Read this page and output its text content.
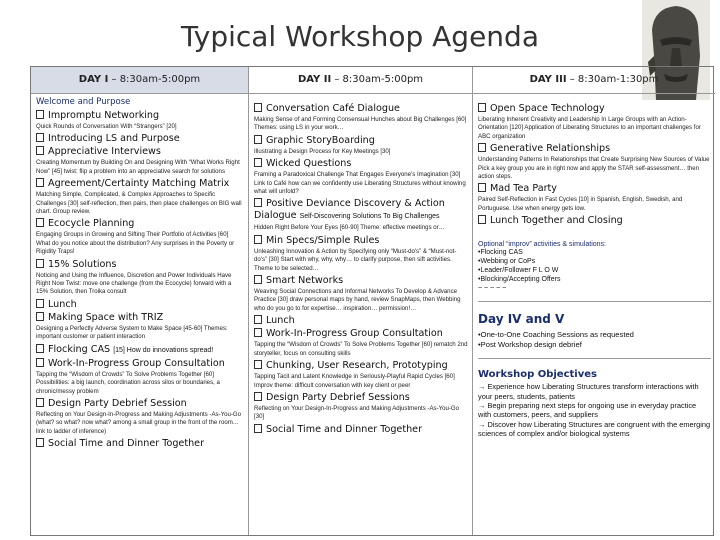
Typical Workshop Agenda
DAY I – 8:30am-5:00pm
Welcome and Purpose
Impromptu Networking
Quick Rounds of Conversation With “Strangers” [20]
Introducing LS and Purpose
Appreciative Interviews
Creating Momentum by Building On and Designing With “What Works Right Now” [45] twist: flip a problem into an appreciative search for solutions
Agreement/Certainty Matching Matrix
Matching Simple, Complicated, & Complex Approaches to Specific Challenges [30] self-reflection, then pairs, then place challenges on BIG wall chart. Group review.
Ecocycle Planning
Engaging Groups in Growing and Sifting Their Portfolio of Activities [60] What do you notice about the distribution? Any surprises in the Poverty or Rigidity Traps!
15% Solutions
Noticing and Using the Influence, Discretion and Power Individuals Have Right Now Twist: move one challenge (from the Ecocycle) forward with a 15% Solution, then Troika consult
Lunch
Making Space with TRIZ
Designing a Perfectly Adverse System to Make Space [45-60] Themes: important customer or patient interaction
Flocking CAS [15] How do innovations spread!
Work-In-Progress Group Consultation
Tapping the “Wisdom of Crowds” To Solve Problems Together [60] Possibilities: a big launch, coordination across silos or boundaries, a chronic/messy problem
Design Party Debrief Session
Reflecting on Your Design-In-Progress and Making Adjustments -As-You-Go (what? so what? now what? among a small group in the front of the room… link to ladder of inference)
Social Time and Dinner Together
DAY II – 8:30am-5:00pm
Conversation Café Dialogue
Making Sense of and Forming Consensual Hunches about Big Challenges [60] Themes: using LS in your work…
Graphic StoryBoarding
Illustrating a Design Process for Key Meetings [30]
Wicked Questions
Framing a Paradoxical Challenge That Engages Everyone's Imagination [30] Link to Café how can we confidently use Liberating Structures without knowing what will unfold?
Positive Deviance Discovery & Action Dialogue Self-Discovering Solutions To Big Challenges
Hidden Right Before Your Eyes [60-90] Theme: effective meetings or…
Min Specs/Simple Rules
Unleashing Innovation & Action by Specifying only “Must-do's” & “Must-not-do's” [30] Start with why, why, why… to clarify purpose, then sift activities. Theme to be selected…
Smart Networks
Weaving Social Connections and Informal Networks To Develop & Advance Practice [30] draw personal maps by hand, review SnapMaps, then Webbing who do you go to for expertise… inspiration… permission!…
Lunch
Work-In-Progress Group Consultation
Tapping the “Wisdom of Crowds” To Solve Problems Together [60] rematch 2nd storyteller, focus on consulting skills
Chunking, User Research, Prototyping
Tapping Tacit and Latent Knowledge in Seriously-Playful Rapid Cycles [60] Improv theme: difficult conversation with key client or peer
Design Party Debrief Sessions
Reflecting on Your Design-In-Progress and Making Adjustments -As-You-Go [30]
Social Time and Dinner Together
DAY III – 8:30am-1:30pm
Open Space Technology
Liberating Inherent Creativity and Leadership In Large Groups with an Action-Orientation [120] Application of Liberating Structures to an important challenges for ABC organization
Generative Relationships
Understanding Patterns In Relationships that Create Surprising New Sources of Value Pick a key group you are in right now and apply the STAR self-assessment… then action steps.
Mad Tea Party
Paired Self-Reflection in Fast Cycles [10] in Spanish, English, Swedish, and Portuguese. Use when energy gets low.
Lunch Together and Closing
Optional “improv” activities & simulations:
•Flocking CAS
•Webbing or CoPs
•Leader/Follower F L O W
•Blocking/Accepting Offers
~ ~ ~ ~ ~
Day IV and V
•One-to-One Coaching Sessions as requested
•Post Workshop design debrief
Workshop Objectives
→ Experience how Liberating Structures transform interactions with your peers, students, patients
→ Begin preparing next steps for ongoing use in everyday practice with customers, peers, and suppliers
→ Discover how Liberating Structures are congruent with the emerging sciences of complex and/or biological systems
